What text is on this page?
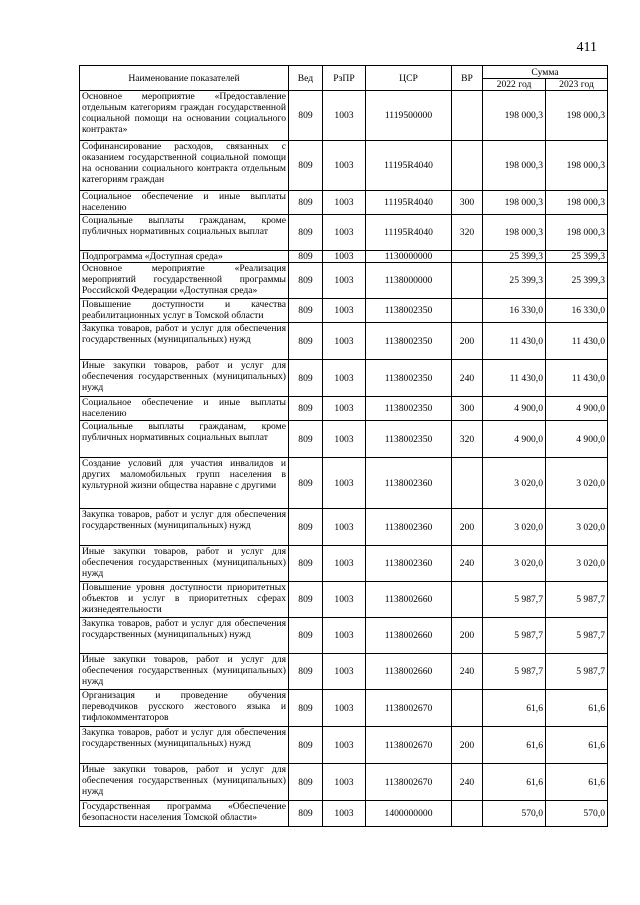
411
Наименование показателей	Вед	РзПР	ЦСР	ВР	Сумма	
					2022 год	2023 год
Основное мероприятие «Предоставление отдельным категориям граждан государственной социальной помощи на основании социального контракта»	809	1003	1119500000		198 000,3	198 000,3
Софинансирование расходов, связанных с оказанием государственной социальной помощи на основании социального контракта отдельным категориям граждан	809	1003	11195R4040		198 000,3	198 000,3
Социальное обеспечение и иные выплаты населению	809	1003	11195R4040	300	198 000,3	198 000,3
Социальные выплаты гражданам, кроме публичных нормативных социальных выплат	809	1003	11195R4040	320	198 000,3	198 000,3
Подпрограмма «Доступная среда»	809	1003	1130000000		25 399,3	25 399,3
Основное мероприятие «Реализация мероприятий государственной программы Российской Федерации «Доступная среда»	809	1003	1138000000		25 399,3	25 399,3
Повышение доступности и качества реабилитационных услуг в Томской области	809	1003	1138002350		16 330,0	16 330,0
Закупка товаров, работ и услуг для обеспечения государственных (муниципальных) нужд	809	1003	1138002350	200	11 430,0	11 430,0
Иные закупки товаров, работ и услуг для обеспечения государственных (муниципальных) нужд	809	1003	1138002350	240	11 430,0	11 430,0
Социальное обеспечение и иные выплаты населению	809	1003	1138002350	300	4 900,0	4 900,0
Социальные выплаты гражданам, кроме публичных нормативных социальных выплат	809	1003	1138002350	320	4 900,0	4 900,0
Создание условий для участия инвалидов и других маломобильных групп населения в культурной жизни общества наравне с другими	809	1003	1138002360		3 020,0	3 020,0
Закупка товаров, работ и услуг для обеспечения государственных (муниципальных) нужд	809	1003	1138002360	200	3 020,0	3 020,0
Иные закупки товаров, работ и услуг для обеспечения государственных (муниципальных) нужд	809	1003	1138002360	240	3 020,0	3 020,0
Повышение уровня доступности приоритетных объектов и услуг в приоритетных сферах жизнедеятельности	809	1003	1138002660		5 987,7	5 987,7
Закупка товаров, работ и услуг для обеспечения государственных (муниципальных) нужд	809	1003	1138002660	200	5 987,7	5 987,7
Иные закупки товаров, работ и услуг для обеспечения государственных (муниципальных) нужд	809	1003	1138002660	240	5 987,7	5 987,7
Организация и проведение обучения переводчиков русского жестового языка и тифлокомментаторов	809	1003	1138002670		61,6	61,6
Закупка товаров, работ и услуг для обеспечения государственных (муниципальных) нужд	809	1003	1138002670	200	61,6	61,6
Иные закупки товаров, работ и услуг для обеспечения государственных (муниципальных) нужд	809	1003	1138002670	240	61,6	61,6
Государственная программа «Обеспечение безопасности населения Томской области»	809	1003	1400000000		570,0	570,0
